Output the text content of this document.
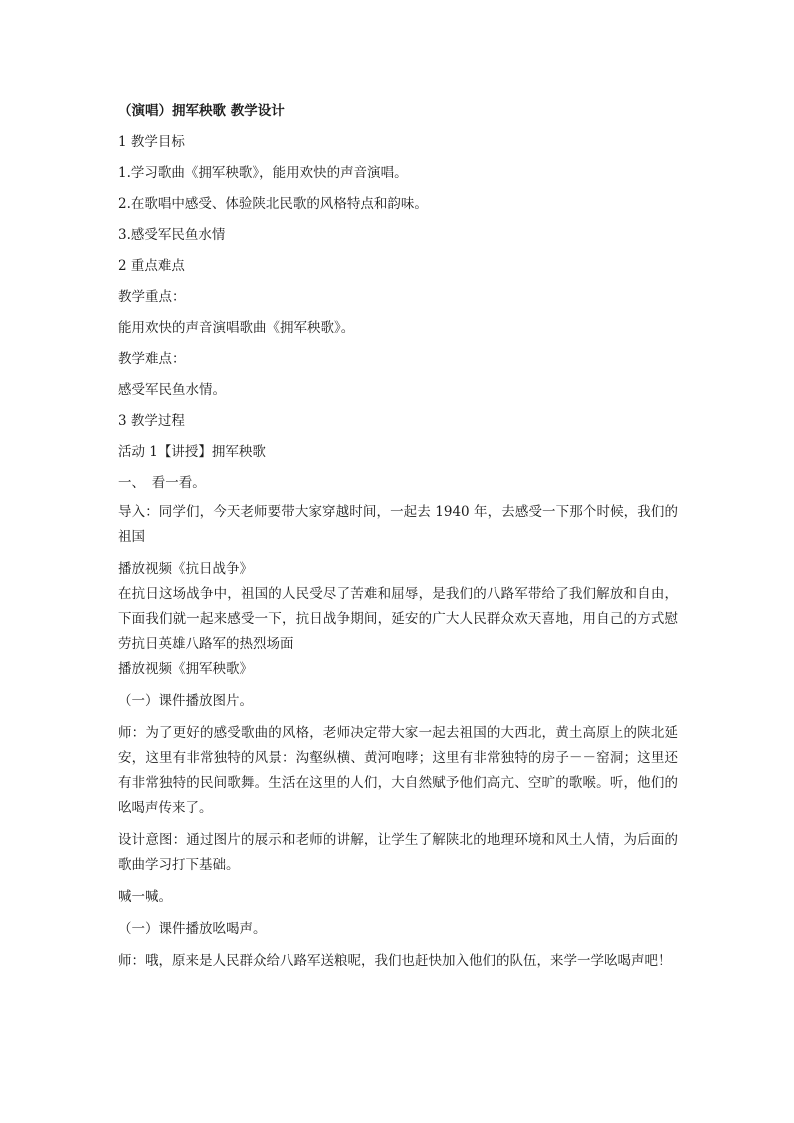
（演唱）拥军秧歌 教学设计

1 教学目标

1.学习歌曲《拥军秧歌》，能用欢快的声音演唱。

2.在歌唱中感受、体验陕北民歌的风格特点和韵味。

3.感受军民鱼水情

2 重点难点

教学重点：

能用欢快的声音演唱歌曲《拥军秧歌》。

教学难点：

感受军民鱼水情。

3 教学过程

活动 1【讲授】拥军秧歌

一、　看一看。

导入：同学们，今天老师要带大家穿越时间，一起去 1940 年，去感受一下那个时候，我们的祖国

播放视频《抗日战争》

在抗日这场战争中，祖国的人民受尽了苦难和屈辱，是我们的八路军带给了我们解放和自由，下面我们就一起来感受一下，抗日战争期间，延安的广大人民群众欢天喜地，用自己的方式慰劳抗日英雄八路军的热烈场面

播放视频《拥军秧歌》

（一）课件播放图片。

师：为了更好的感受歌曲的风格，老师决定带大家一起去祖国的大西北，黄土高原上的陕北延安，这里有非常独特的风景：沟壑纵横、黄河咆哮；这里有非常独特的房子－－窑洞；这里还有非常独特的民间歌舞。生活在这里的人们，大自然赋予他们高亢、空旷的歌喉。听，他们的吆喝声传来了。

设计意图：通过图片的展示和老师的讲解，让学生了解陕北的地理环境和风土人情，为后面的歌曲学习打下基础。

喊一喊。

（一）课件播放吆喝声。

师：哦，原来是人民群众给八路军送粮呢，我们也赶快加入他们的队伍，来学一学吆喝声吧！
